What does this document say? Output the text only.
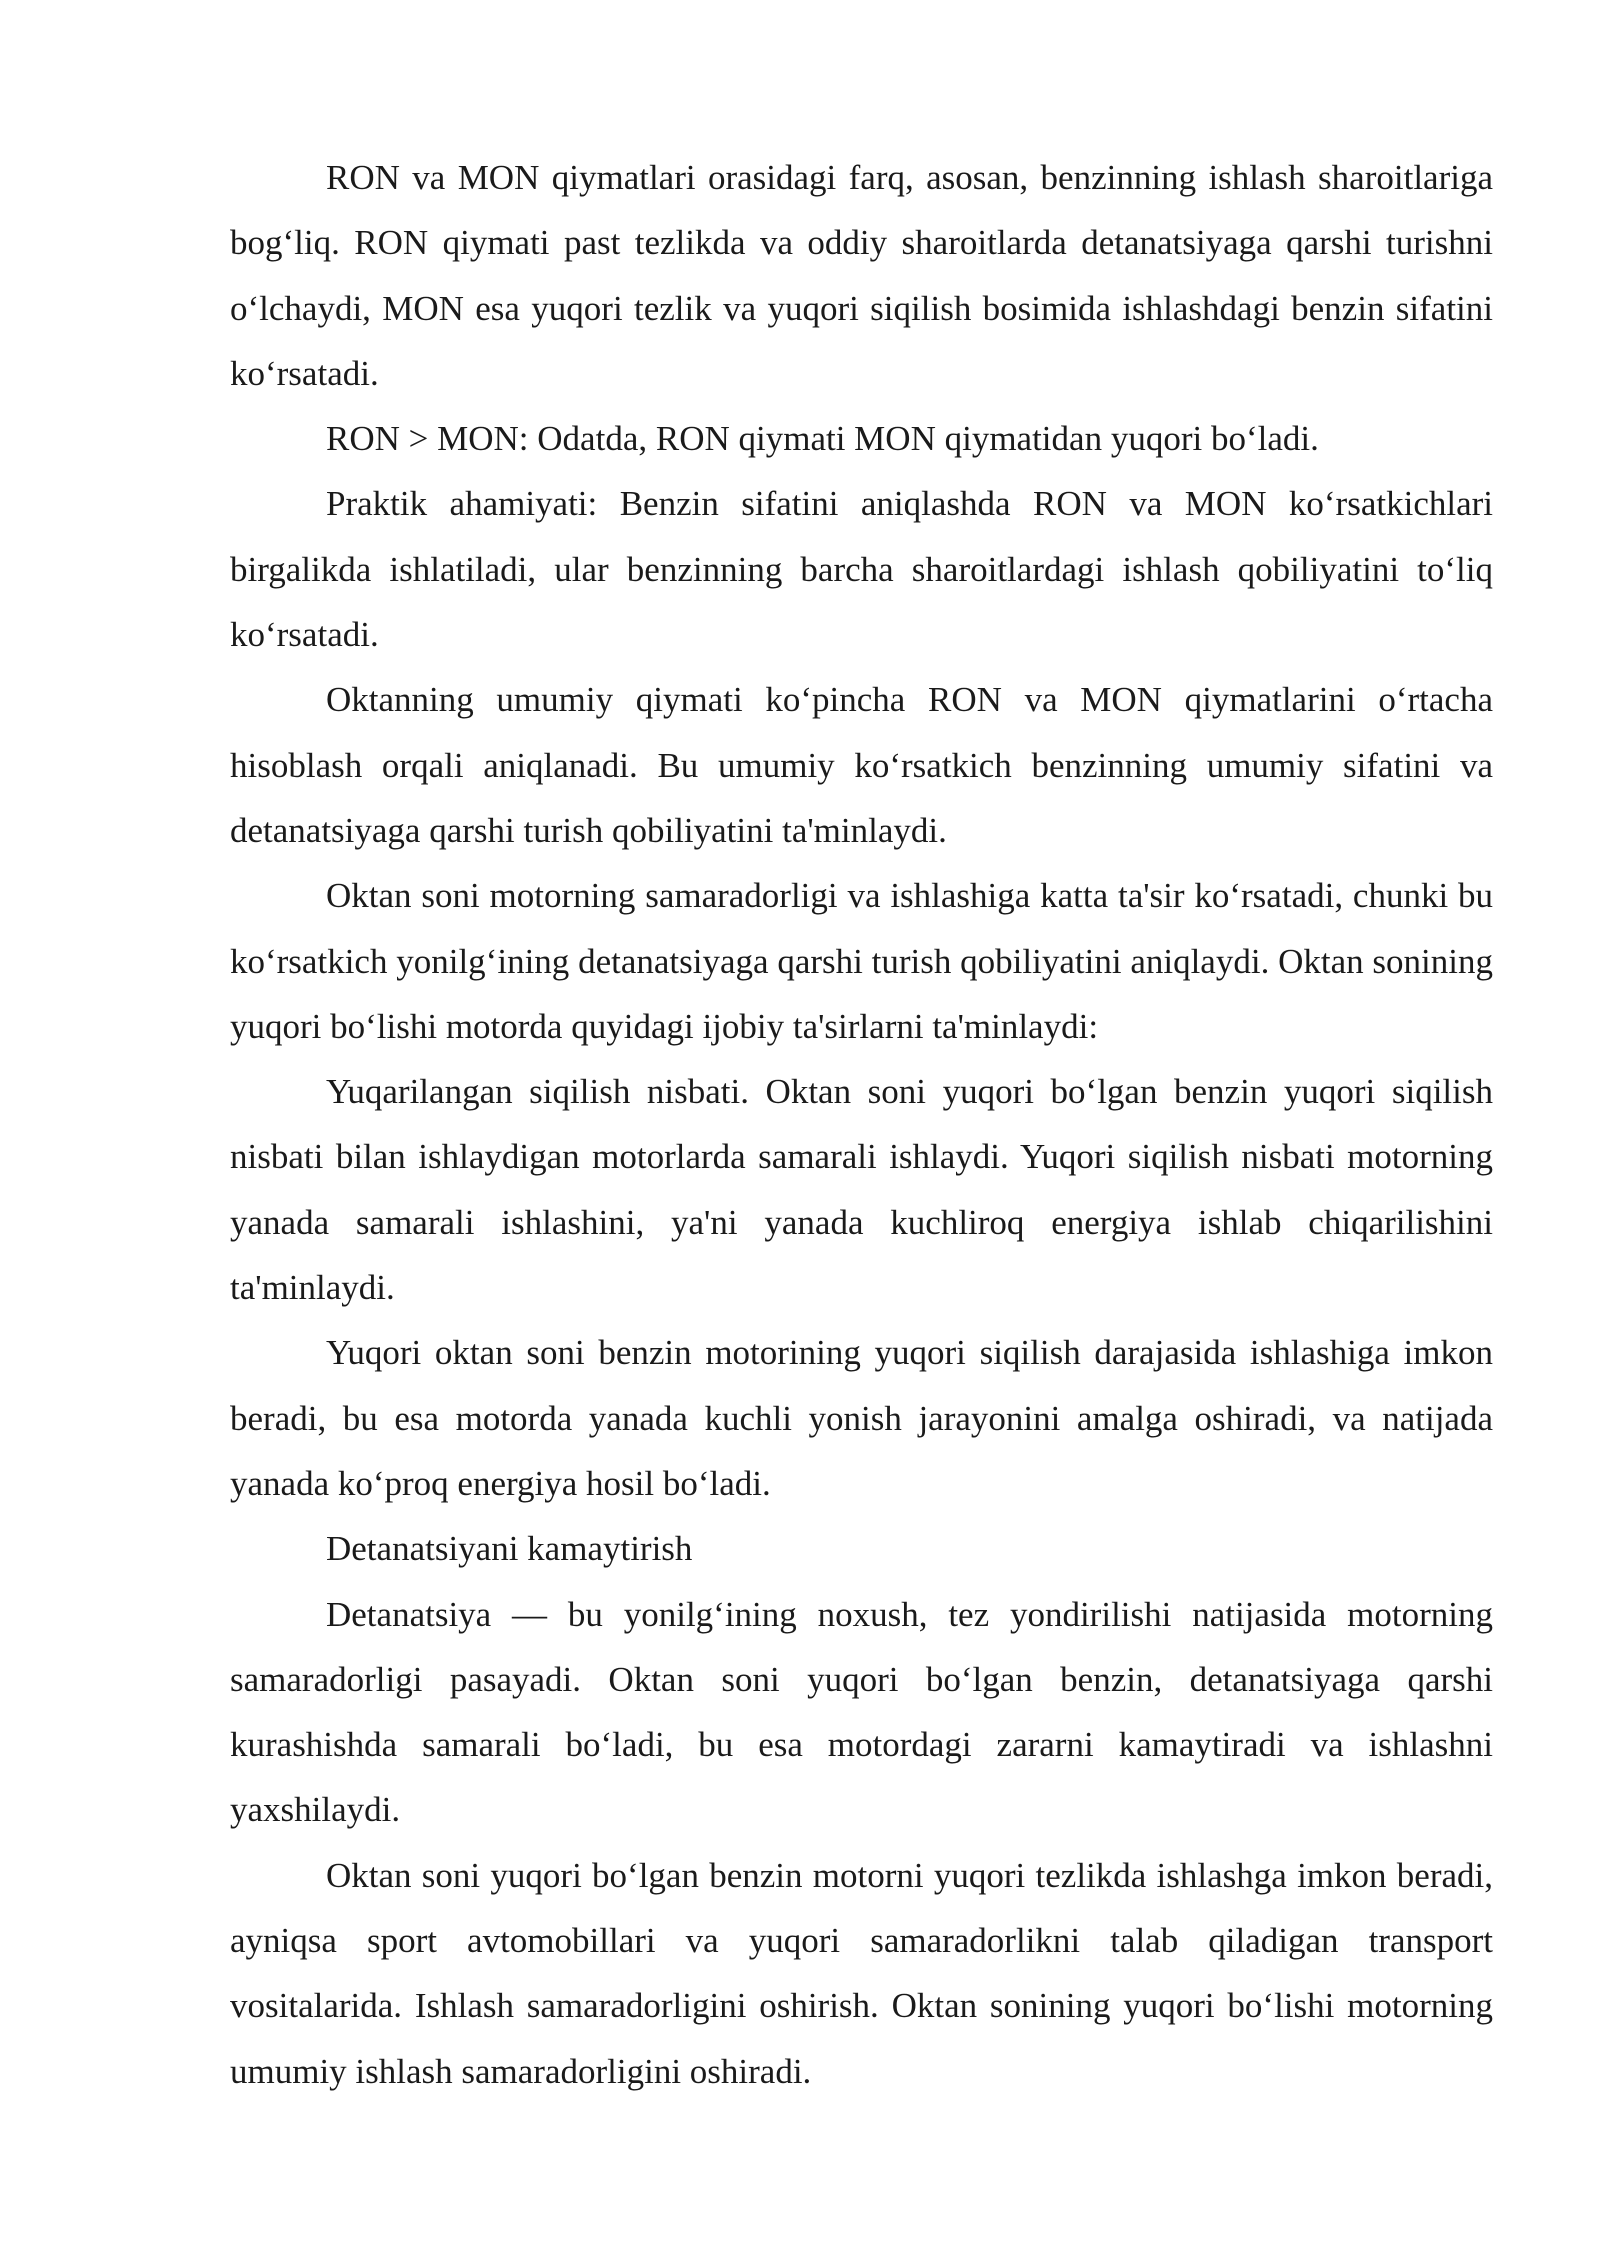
RON va MON qiymatlari orasidagi farq, asosan, benzinning ishlash sharoitlariga bog‘liq. RON qiymati past tezlikda va oddiy sharoitlarda detanatsiyaga qarshi turishni o‘lchaydi, MON esa yuqori tezlik va yuqori siqilish bosimida ishlashdagi benzin sifatini ko‘rsatadi.

RON > MON: Odatda, RON qiymati MON qiymatidan yuqori bo‘ladi.

Praktik ahamiyati: Benzin sifatini aniqlashda RON va MON ko‘rsatkichlari birgalikda ishlatiladi, ular benzinning barcha sharoitlardagi ishlash qobiliyatini to‘liq ko‘rsatadi.

Oktanning umumiy qiymati ko‘pincha RON va MON qiymatlarini o‘rtacha hisoblash orqali aniqlanadi. Bu umumiy ko‘rsatkich benzinning umumiy sifatini va detanatsiyaga qarshi turish qobiliyatini ta'minlaydi.

Oktan soni motorning samaradorligi va ishlashiga katta ta'sir ko‘rsatadi, chunki bu ko‘rsatkich yonilg‘ining detanatsiyaga qarshi turish qobiliyatini aniqlaydi. Oktan sonining yuqori bo‘lishi motorda quyidagi ijobiy ta'sirlarni ta'minlaydi:

Yuqarilangan siqilish nisbati. Oktan soni yuqori bo‘lgan benzin yuqori siqilish nisbati bilan ishlaydigan motorlarda samarali ishlaydi. Yuqori siqilish nisbati motorning yanada samarali ishlashini, ya'ni yanada kuchliroq energiya ishlab chiqarilishini ta'minlaydi.

Yuqori oktan soni benzin motorining yuqori siqilish darajasida ishlashiga imkon beradi, bu esa motorda yanada kuchli yonish jarayonini amalga oshiradi, va natijada yanada ko‘proq energiya hosil bo‘ladi.

Detanatsiyani kamaytirish

Detanatsiya — bu yonilg‘ining noxush, tez yondirilishi natijasida motorning samaradorligi pasayadi. Oktan soni yuqori bo‘lgan benzin, detanatsiyaga qarshi kurashishda samarali bo‘ladi, bu esa motordagi zararni kamaytiradi va ishlashni yaxshilaydi.

Oktan soni yuqori bo‘lgan benzin motorni yuqori tezlikda ishlashga imkon beradi, ayniqsa sport avtomobillari va yuqori samaradorlikni talab qiladigan transport vositalarida. Ishlash samaradorligini oshirish. Oktan sonining yuqori bo‘lishi motorning umumiy ishlash samaradorligini oshiradi.
